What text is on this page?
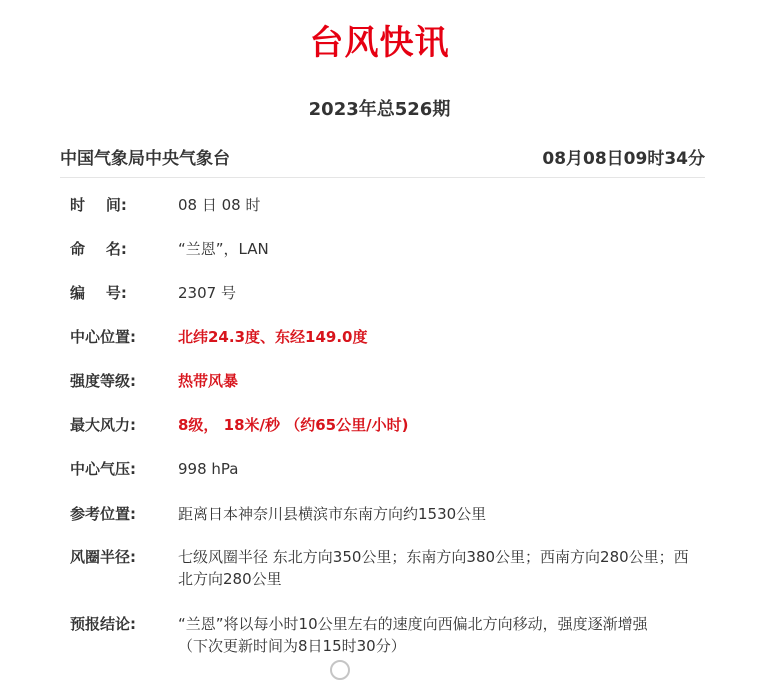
台风快讯
2023年总526期
中国气象局中央气象台	08月08日09时34分
时    间:	08 日 08 时
命    名:	“兰恩”，LAN
编    号:	2307 号
中心位置:	北纬24.3度、东经149.0度
强度等级:	热带风暴
最大风力:	8级， 18米/秒 （约65公里/小时)
中心气压:	998 hPa
参考位置:	距离日本神奈川县横滨市东南方向约1530公里
风圈半径:	七级风圈半径 东北方向350公里；东南方向380公里；西南方向280公里；西北方向280公里
预报结论:	“兰恩”将以每小时10公里左右的速度向西偏北方向移动，强度逐渐增强
（下次更新时间为8日15时30分）
